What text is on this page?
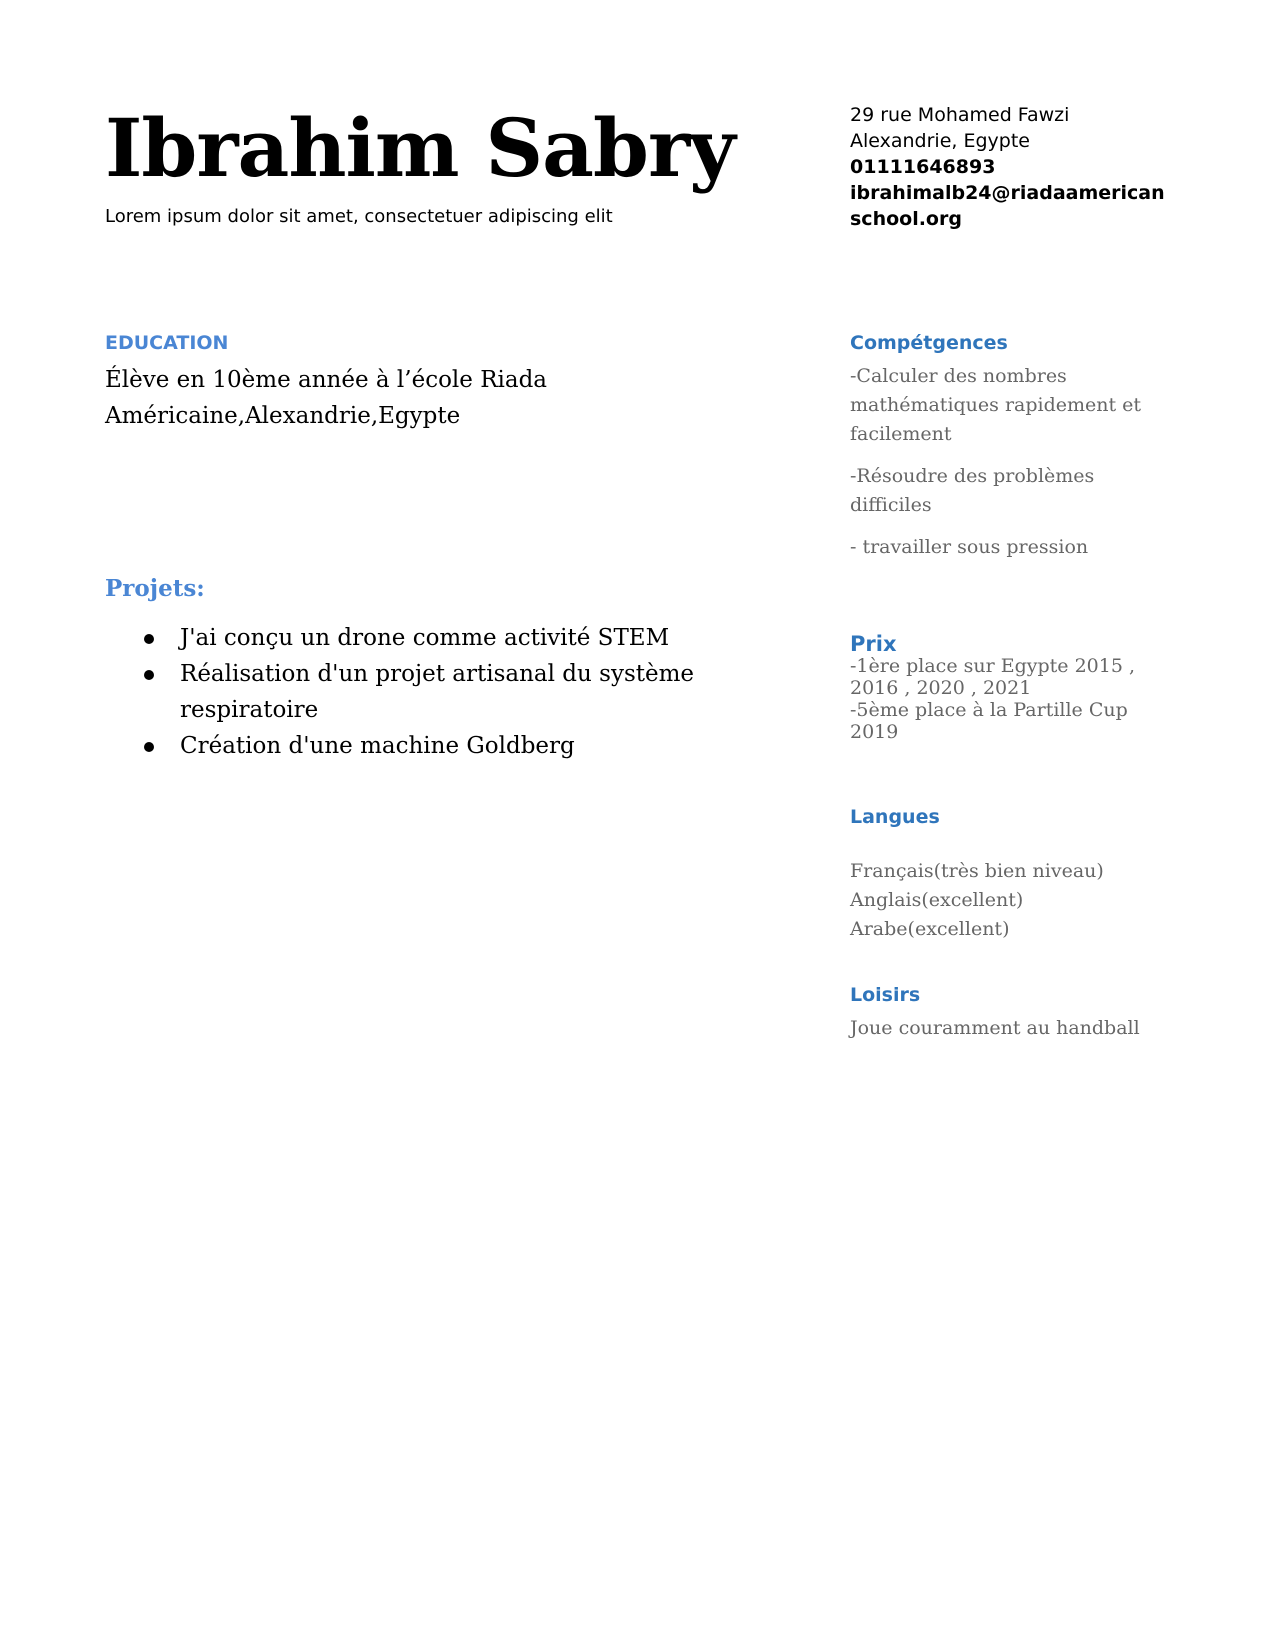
Ibrahim Sabry
Lorem ipsum dolor sit amet, consectetuer adipiscing elit
29 rue Mohamed Fawzi
Alexandrie, Egypte
01111646893
ibrahimalb24@riadaamerican
school.org
EDUCATION
Élève en 10ème année à l’école Riada Américaine,Alexandrie,Egypte
Projets:
J'ai conçu un drone comme activité STEM
Réalisation d'un projet artisanal du système respiratoire
Création d'une machine Goldberg
Compétgences

-Calculer des nombres mathématiques rapidement et facilement

-Résoudre des problèmes difficiles

- travailler sous pression

Prix

-1ère place sur Egypte 2015 , 2016 , 2020 , 2021

-5ème place à la Partille Cup 2019

Langues
Français(très bien niveau)
Anglais(excellent)
Arabe(excellent)
Loisirs
Joue couramment au handball
